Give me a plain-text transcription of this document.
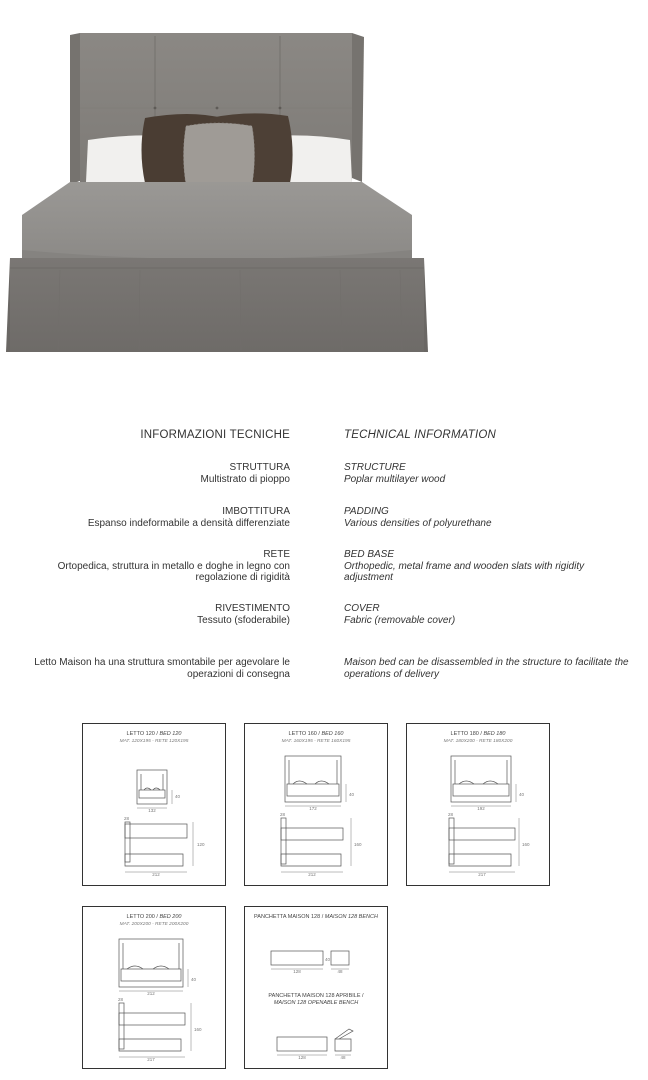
INFORMAZIONI TECNICHE	TECHNICAL INFORMATION
STRUTTURA
Multistrato di pioppo
STRUCTURE
Poplar multilayer wood
IMBOTTITURA
Espanso indeformabile a densità differenziate
PADDING
Various densities of polyurethane
RETE
Ortopedica, struttura in metallo e doghe in legno con regolazione di rigidità
BED BASE
Orthopedic, metal frame and wooden slats with rigidity adjustment
RIVESTIMENTO
Tessuto (sfoderabile)
COVER
Fabric (removable cover)
Letto Maison ha una struttura smontabile per agevolare le operazioni di consegna
Maison bed can be disassembled in the structure to facilitate the operations of delivery
LETTO 120 / BED 120
MAT. 120X195 - RETE 120X195
132
40
212
120
28
LETTO 160 / BED 160
MAT. 160X195 - RETE 160X195
172
40
212
160
28
LETTO 180 / BED 180
MAT. 180X200 - RETE 180X200
192
40
217
160
28
LETTO 200 / BED 200
MAT. 200X200 - RETE 200X200
212
40
217
160
28
PANCHETTA MAISON 128 / MAISON 128 BENCH
PANCHETTA MAISON 128 APRIBILE /
MAISON 128 OPENABLE BENCH
128
40
48
128	48
